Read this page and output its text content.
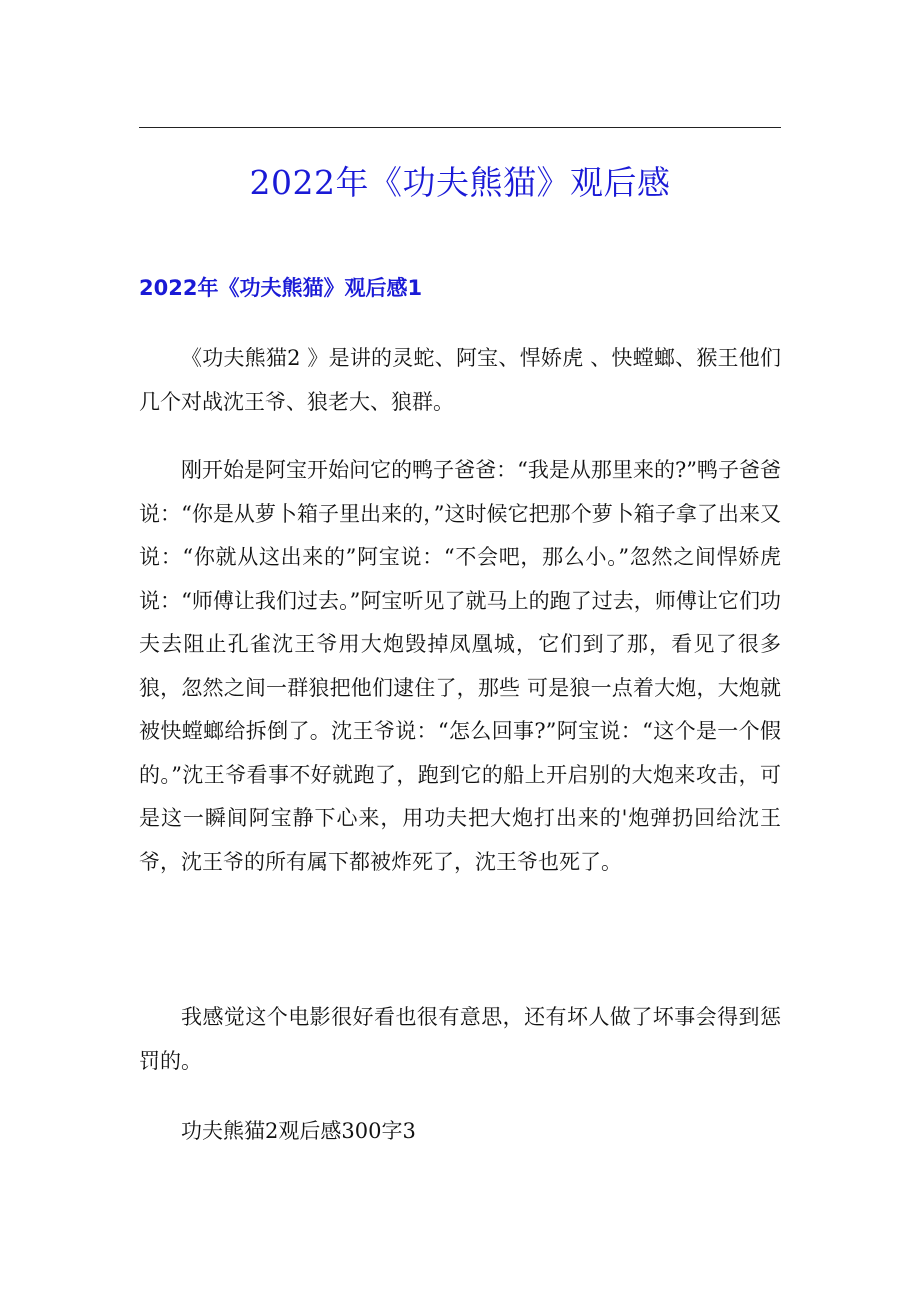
2022年《功夫熊猫》观后感
2022年《功夫熊猫》观后感1

《功夫熊猫2 》是讲的灵蛇、阿宝、悍娇虎 、快螳螂、猴王他们几个对战沈王爷、狼老大、狼群。

刚开始是阿宝开始问它的鸭子爸爸：“我是从那里来的?”鸭子爸爸说：“你是从萝卜箱子里出来的，”这时候它把那个萝卜箱子拿了出来又说：“你就从这出来的”阿宝说：“不会吧，那么小。”忽然之间悍娇虎说：“师傅让我们过去。”阿宝听见了就马上的跑了过去，师傅让它们功夫去阻止孔雀沈王爷用大炮毁掉凤凰城，它们到了那，看见了很多狼，忽然之间一群狼把他们逮住了，那些 可是狼一点着大炮，大炮就被快螳螂给拆倒了。沈王爷说：“怎么回事?”阿宝说：“这个是一个假的。”沈王爷看事不好就跑了，跑到它的船上开启别的大炮来攻击，可是这一瞬间阿宝静下心来，用功夫把大炮打出来的'炮弹扔回给沈王爷，沈王爷的所有属下都被炸死了，沈王爷也死了。

我感觉这个电影很好看也很有意思，还有坏人做了坏事会得到惩罚的。

功夫熊猫2观后感300字3
